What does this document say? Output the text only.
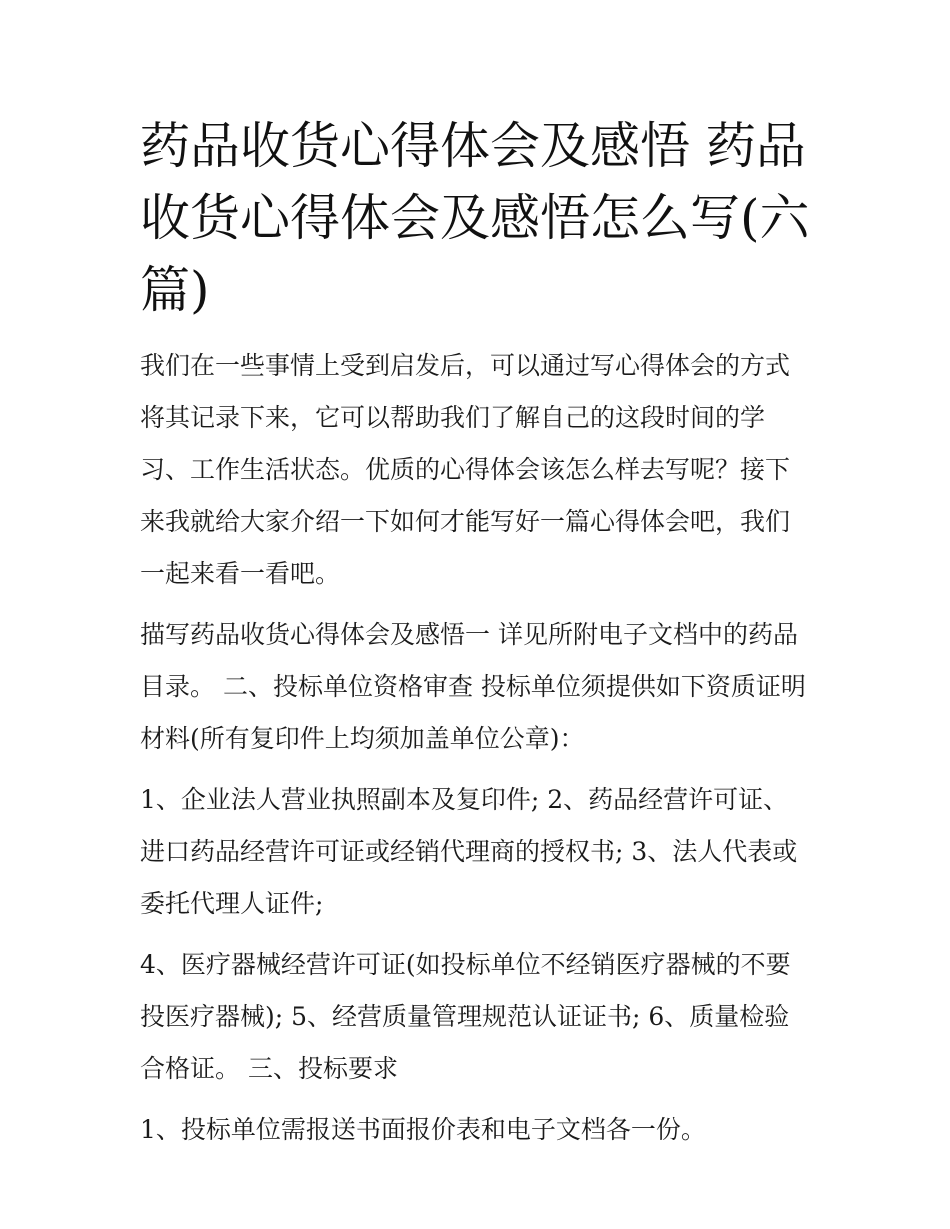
药品收货心得体会及感悟 药品收货心得体会及感悟怎么写(六篇)

我们在一些事情上受到启发后，可以通过写心得体会的方式将其记录下来，它可以帮助我们了解自己的这段时间的学习、工作生活状态。优质的心得体会该怎么样去写呢？接下来我就给大家介绍一下如何才能写好一篇心得体会吧，我们一起来看一看吧。

描写药品收货心得体会及感悟一 详见所附电子文档中的药品目录。 二、投标单位资格审查 投标单位须提供如下资质证明材料(所有复印件上均须加盖单位公章)：

1、企业法人营业执照副本及复印件; 2、药品经营许可证、进口药品经营许可证或经销代理商的授权书; 3、法人代表或委托代理人证件;

4、医疗器械经营许可证(如投标单位不经销医疗器械的不要投医疗器械); 5、经营质量管理规范认证证书; 6、质量检验合格证。 三、投标要求

1、投标单位需报送书面报价表和电子文档各一份。
